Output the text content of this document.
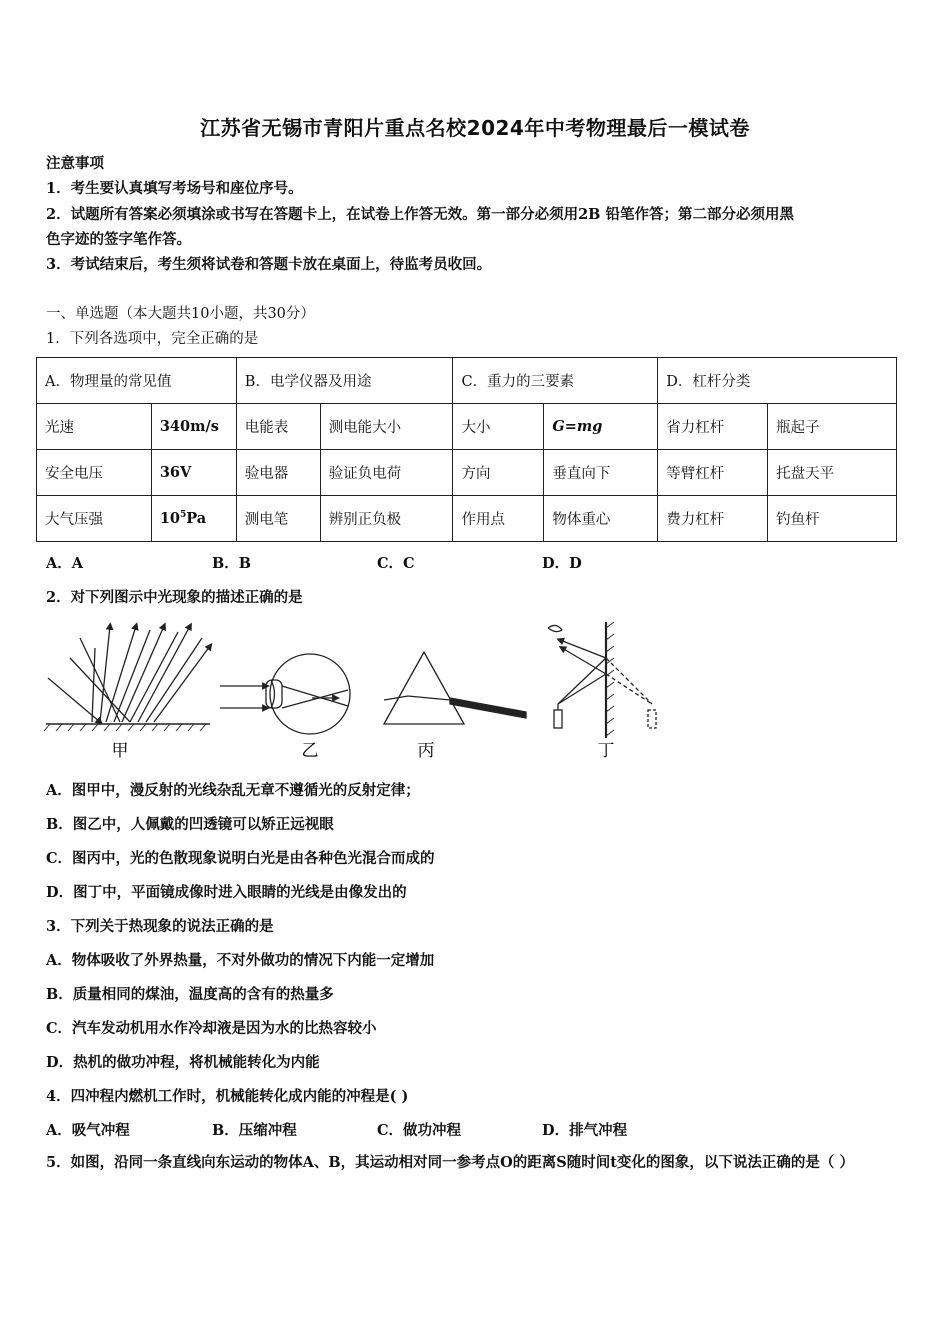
江苏省无锡市青阳片重点名校2024年中考物理最后一模试卷
注意事项
1．考生要认真填写考场号和座位序号。
2．试题所有答案必须填涂或书写在答题卡上，在试卷上作答无效。第一部分必须用2B 铅笔作答；第二部分必须用黑
色字迹的签字笔作答。
3．考试结束后，考生须将试卷和答题卡放在桌面上，待监考员收回。
一、单选题（本大题共10小题，共30分）
1．下列各选项中，完全正确的是
A．物理量的常见值		B．电学仪器及用途		C．重力的三要素		D．杠杆分类	
光速	340m/s	电能表	测电能大小	大小	G=mg	省力杠杆	瓶起子
安全电压	36V	验电器	验证负电荷	方向	垂直向下	等臂杠杆	托盘天平
大气压强	$10^5Pa$	测电笔	辨别正负极	作用点	物体重心	费力杠杆	钓鱼杆
A．A	B．B	C．C	D．D
2．对下列图示中光现象的描述正确的是
甲	乙	丙	丁
A．图甲中，漫反射的光线杂乱无章不遵循光的反射定律；
B．图乙中，人佩戴的凹透镜可以矫正远视眼
C．图丙中，光的色散现象说明白光是由各种色光混合而成的
D．图丁中，平面镜成像时进入眼睛的光线是由像发出的
3．下列关于热现象的说法正确的是
A．物体吸收了外界热量，不对外做功的情况下内能一定增加
B．质量相同的煤油，温度高的含有的热量多
C．汽车发动机用水作冷却液是因为水的比热容较小
D．热机的做功冲程，将机械能转化为内能
4．四冲程内燃机工作时，机械能转化成内能的冲程是( )
A．吸气冲程	B．压缩冲程	C．做功冲程	D．排气冲程
5．如图，沿同一条直线向东运动的物体A、B，其运动相对同一参考点O的距离S随时间t变化的图象，以下说法正确的是（ ）
